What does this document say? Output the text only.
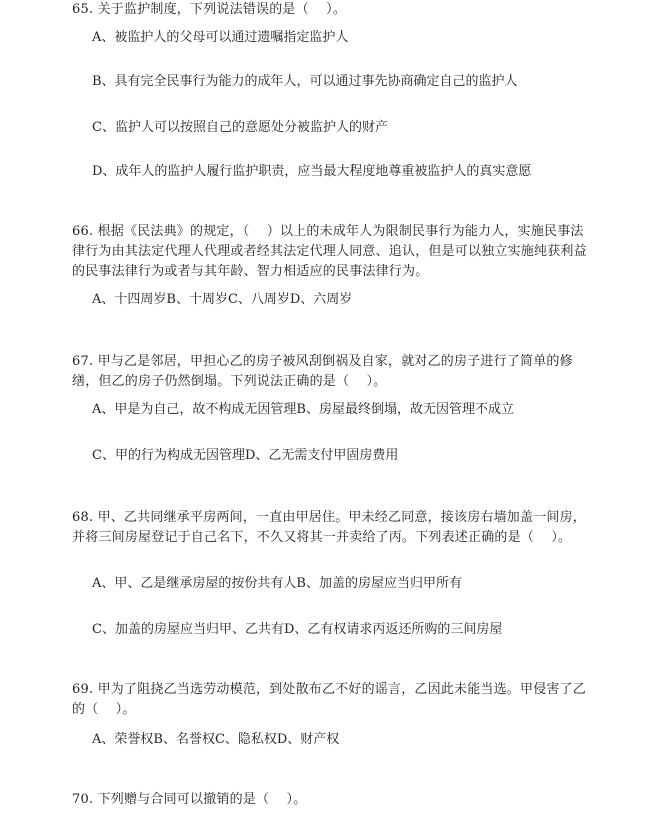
65. 关于监护制度，下列说法错误的是（    ）。

A、被监护人的父母可以通过遗嘱指定监护人

B、具有完全民事行为能力的成年人，可以通过事先协商确定自己的监护人

C、监护人可以按照自己的意愿处分被监护人的财产

D、成年人的监护人履行监护职责，应当最大程度地尊重被监护人的真实意愿

66. 根据《民法典》的规定，（    ）以上的未成年人为限制民事行为能力人，实施民事法律行为由其法定代理人代理或者经其法定代理人同意、追认，但是可以独立实施纯获利益的民事法律行为或者与其年龄、智力相适应的民事法律行为。

A、十四周岁B、十周岁C、八周岁D、六周岁

67. 甲与乙是邻居，甲担心乙的房子被风刮倒祸及自家，就对乙的房子进行了简单的修缮，但乙的房子仍然倒塌。下列说法正确的是（    ）。

A、甲是为自己，故不构成无因管理B、房屋最终倒塌，故无因管理不成立

C、甲的行为构成无因管理D、乙无需支付甲固房费用

68. 甲、乙共同继承平房两间，一直由甲居住。甲未经乙同意，接该房右墙加盖一间房，并将三间房屋登记于自己名下，不久又将其一并卖给了丙。下列表述正确的是（    ）。

A、甲、乙是继承房屋的按份共有人B、加盖的房屋应当归甲所有

C、加盖的房屋应当归甲、乙共有D、乙有权请求丙返还所购的三间房屋

69. 甲为了阻挠乙当选劳动模范，到处散布乙不好的谣言，乙因此未能当选。甲侵害了乙的（    ）。

A、荣誉权B、名誉权C、隐私权D、财产权

70. 下列赠与合同可以撤销的是（    ）。
